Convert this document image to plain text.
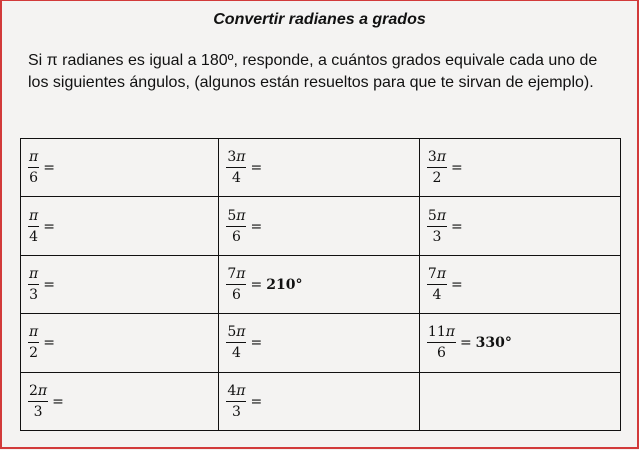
Convertir radianes a grados
Si π radianes es igual a 180º, responde, a cuántos grados equivale cada uno de los siguientes ángulos, (algunos están resueltos para que te sirvan de ejemplo).
$\frac{\pi}{6}$ =	$\frac{3\pi}{4}$ =	$\frac{3\pi}{2}$ =

$\frac{\pi}{4}$ =	$\frac{5\pi}{6}$ =	$\frac{5\pi}{3}$ =

$\frac{\pi}{3}$ =	$\frac{7\pi}{6} = 210^\circ$	$\frac{7\pi}{4}$ =

$\frac{\pi}{2}$ =	$\frac{5\pi}{4}$ =	$\frac{11\pi}{6} = 330^\circ$

$\frac{2\pi}{3}$ =	$\frac{4\pi}{3}$ =	
